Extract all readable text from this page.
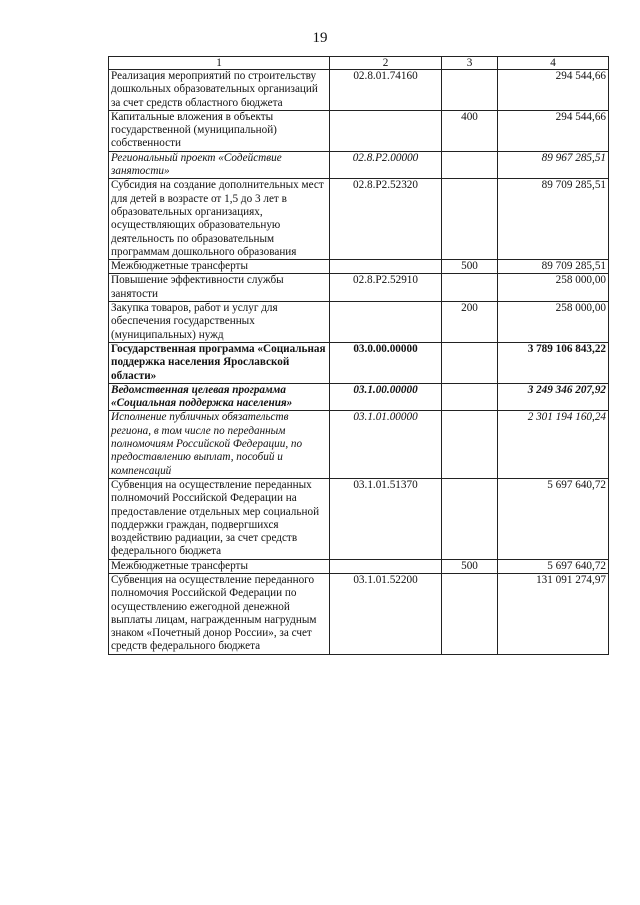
19
1	2	3	4
Реализация мероприятий по строительству дошкольных образовательных организаций за счет средств областного бюджета	02.8.01.74160		294 544,66
Капитальные вложения в объекты государственной (муниципальной) собственности		400	294 544,66
Региональный проект «Содействие занятости»	02.8.P2.00000		89 967 285,51
Субсидия на создание дополнительных мест для детей в возрасте от 1,5 до 3 лет в образовательных организациях, осуществляющих образовательную деятельность по образовательным программам дошкольного образования	02.8.P2.52320		89 709 285,51
Межбюджетные трансферты		500	89 709 285,51
Повышение эффективности службы занятости	02.8.P2.52910		258 000,00
Закупка товаров, работ и услуг для обеспечения государственных (муниципальных) нужд		200	258 000,00
Государственная программа «Социальная поддержка населения Ярославской области»	03.0.00.00000		3 789 106 843,22
Ведомственная целевая программа «Социальная поддержка населения»	03.1.00.00000		3 249 346 207,92
Исполнение публичных обязательств региона, в том числе по переданным полномочиям Российской Федерации, по предоставлению выплат, пособий и компенсаций	03.1.01.00000		2 301 194 160,24
Субвенция на осуществление переданных полномочий Российской Федерации на предоставление отдельных мер социальной поддержки граждан, подвергшихся воздействию радиации, за счет средств федерального бюджета	03.1.01.51370		5 697 640,72
Межбюджетные трансферты		500	5 697 640,72
Субвенция на осуществление переданного полномочия Российской Федерации по осуществлению ежегодной денежной выплаты лицам, награжденным нагрудным знаком «Почетный донор России», за счет средств федерального бюджета	03.1.01.52200		131 091 274,97
